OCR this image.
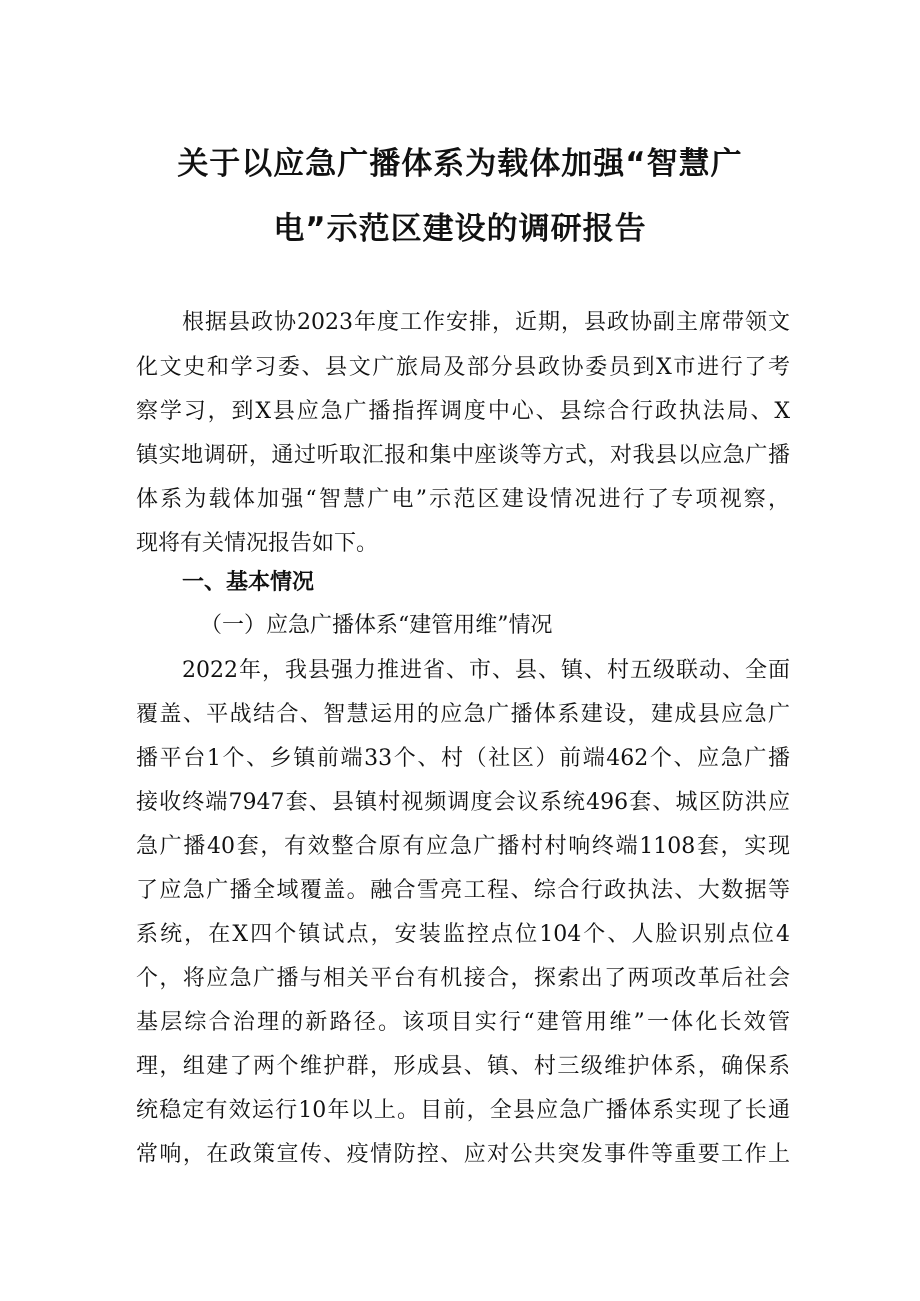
关于以应急广播体系为载体加强“智慧广
电”示范区建设的调研报告
根据县政协2023年度工作安排，近期，县政协副主席带领文
化文史和学习委、县文广旅局及部分县政协委员到X市进行了考
察学习，到X县应急广播指挥调度中心、县综合行政执法局、X
镇实地调研，通过听取汇报和集中座谈等方式，对我县以应急广播
体系为载体加强“智慧广电”示范区建设情况进行了专项视察，
现将有关情况报告如下。
一、基本情况
（一）应急广播体系“建管用维”情况
2022年，我县强力推进省、市、县、镇、村五级联动、全面
覆盖、平战结合、智慧运用的应急广播体系建设，建成县应急广
播平台1个、乡镇前端33个、村（社区）前端462个、应急广播
接收终端7947套、县镇村视频调度会议系统496套、城区防洪应
急广播40套，有效整合原有应急广播村村响终端1108套，实现
了应急广播全域覆盖。融合雪亮工程、综合行政执法、大数据等
系统，在X四个镇试点，安装监控点位104个、人脸识别点位4
个，将应急广播与相关平台有机接合，探索出了两项改革后社会
基层综合治理的新路径。该项目实行“建管用维”一体化长效管
理，组建了两个维护群，形成县、镇、村三级维护体系，确保系
统稳定有效运行10年以上。目前，全县应急广播体系实现了长通
常响，在政策宣传、疫情防控、应对公共突发事件等重要工作上
